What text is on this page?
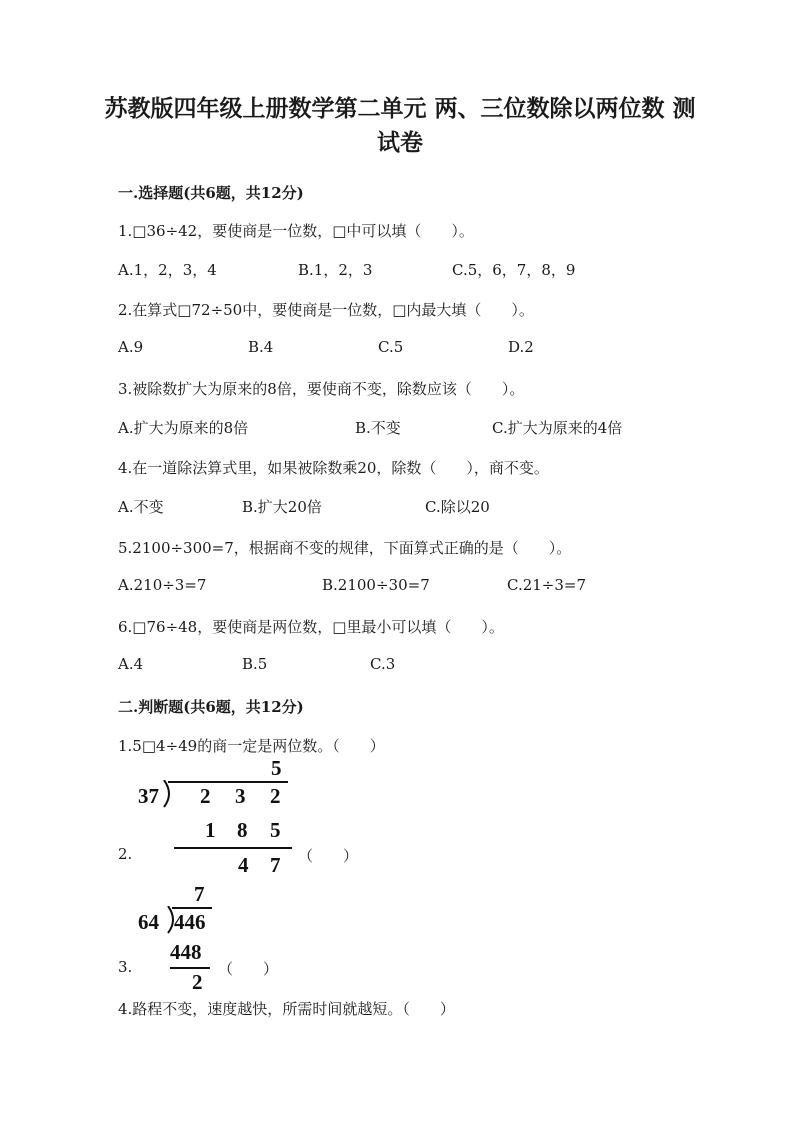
苏教版四年级上册数学第二单元 两、三位数除以两位数 测试卷
一.选择题(共6题，共12分)
1.□36÷42，要使商是一位数，□中可以填（　　）。
A.1，2，3，4	B.1，2，3	C.5，6，7，8，9
2.在算式□72÷50中，要使商是一位数，□内最大填（　　）。
A.9	B.4	C.5	D.2
3.被除数扩大为原来的8倍，要使商不变，除数应该（　　）。
A.扩大为原来的8倍	B.不变	C.扩大为原来的4倍
4.在一道除法算式里，如果被除数乘20，除数（　　），商不变。
A.不变	B.扩大20倍	C.除以20
5.2100÷300=7，根据商不变的规律，下面算式正确的是（　　）。
A.210÷3=7	B.2100÷30=7	C.21÷3=7
6.□76÷48，要使商是两位数，□里最小可以填（　　）。
A.4	B.5	C.3
二.判断题(共6题，共12分)
1.5□4÷49的商一定是两位数。（　　）
2.
5
37 2 3 2
1 8 5
4 7 （　　）
3.
7
64 446
448
2
（　　）
4.路程不变，速度越快，所需时间就越短。（　　）
